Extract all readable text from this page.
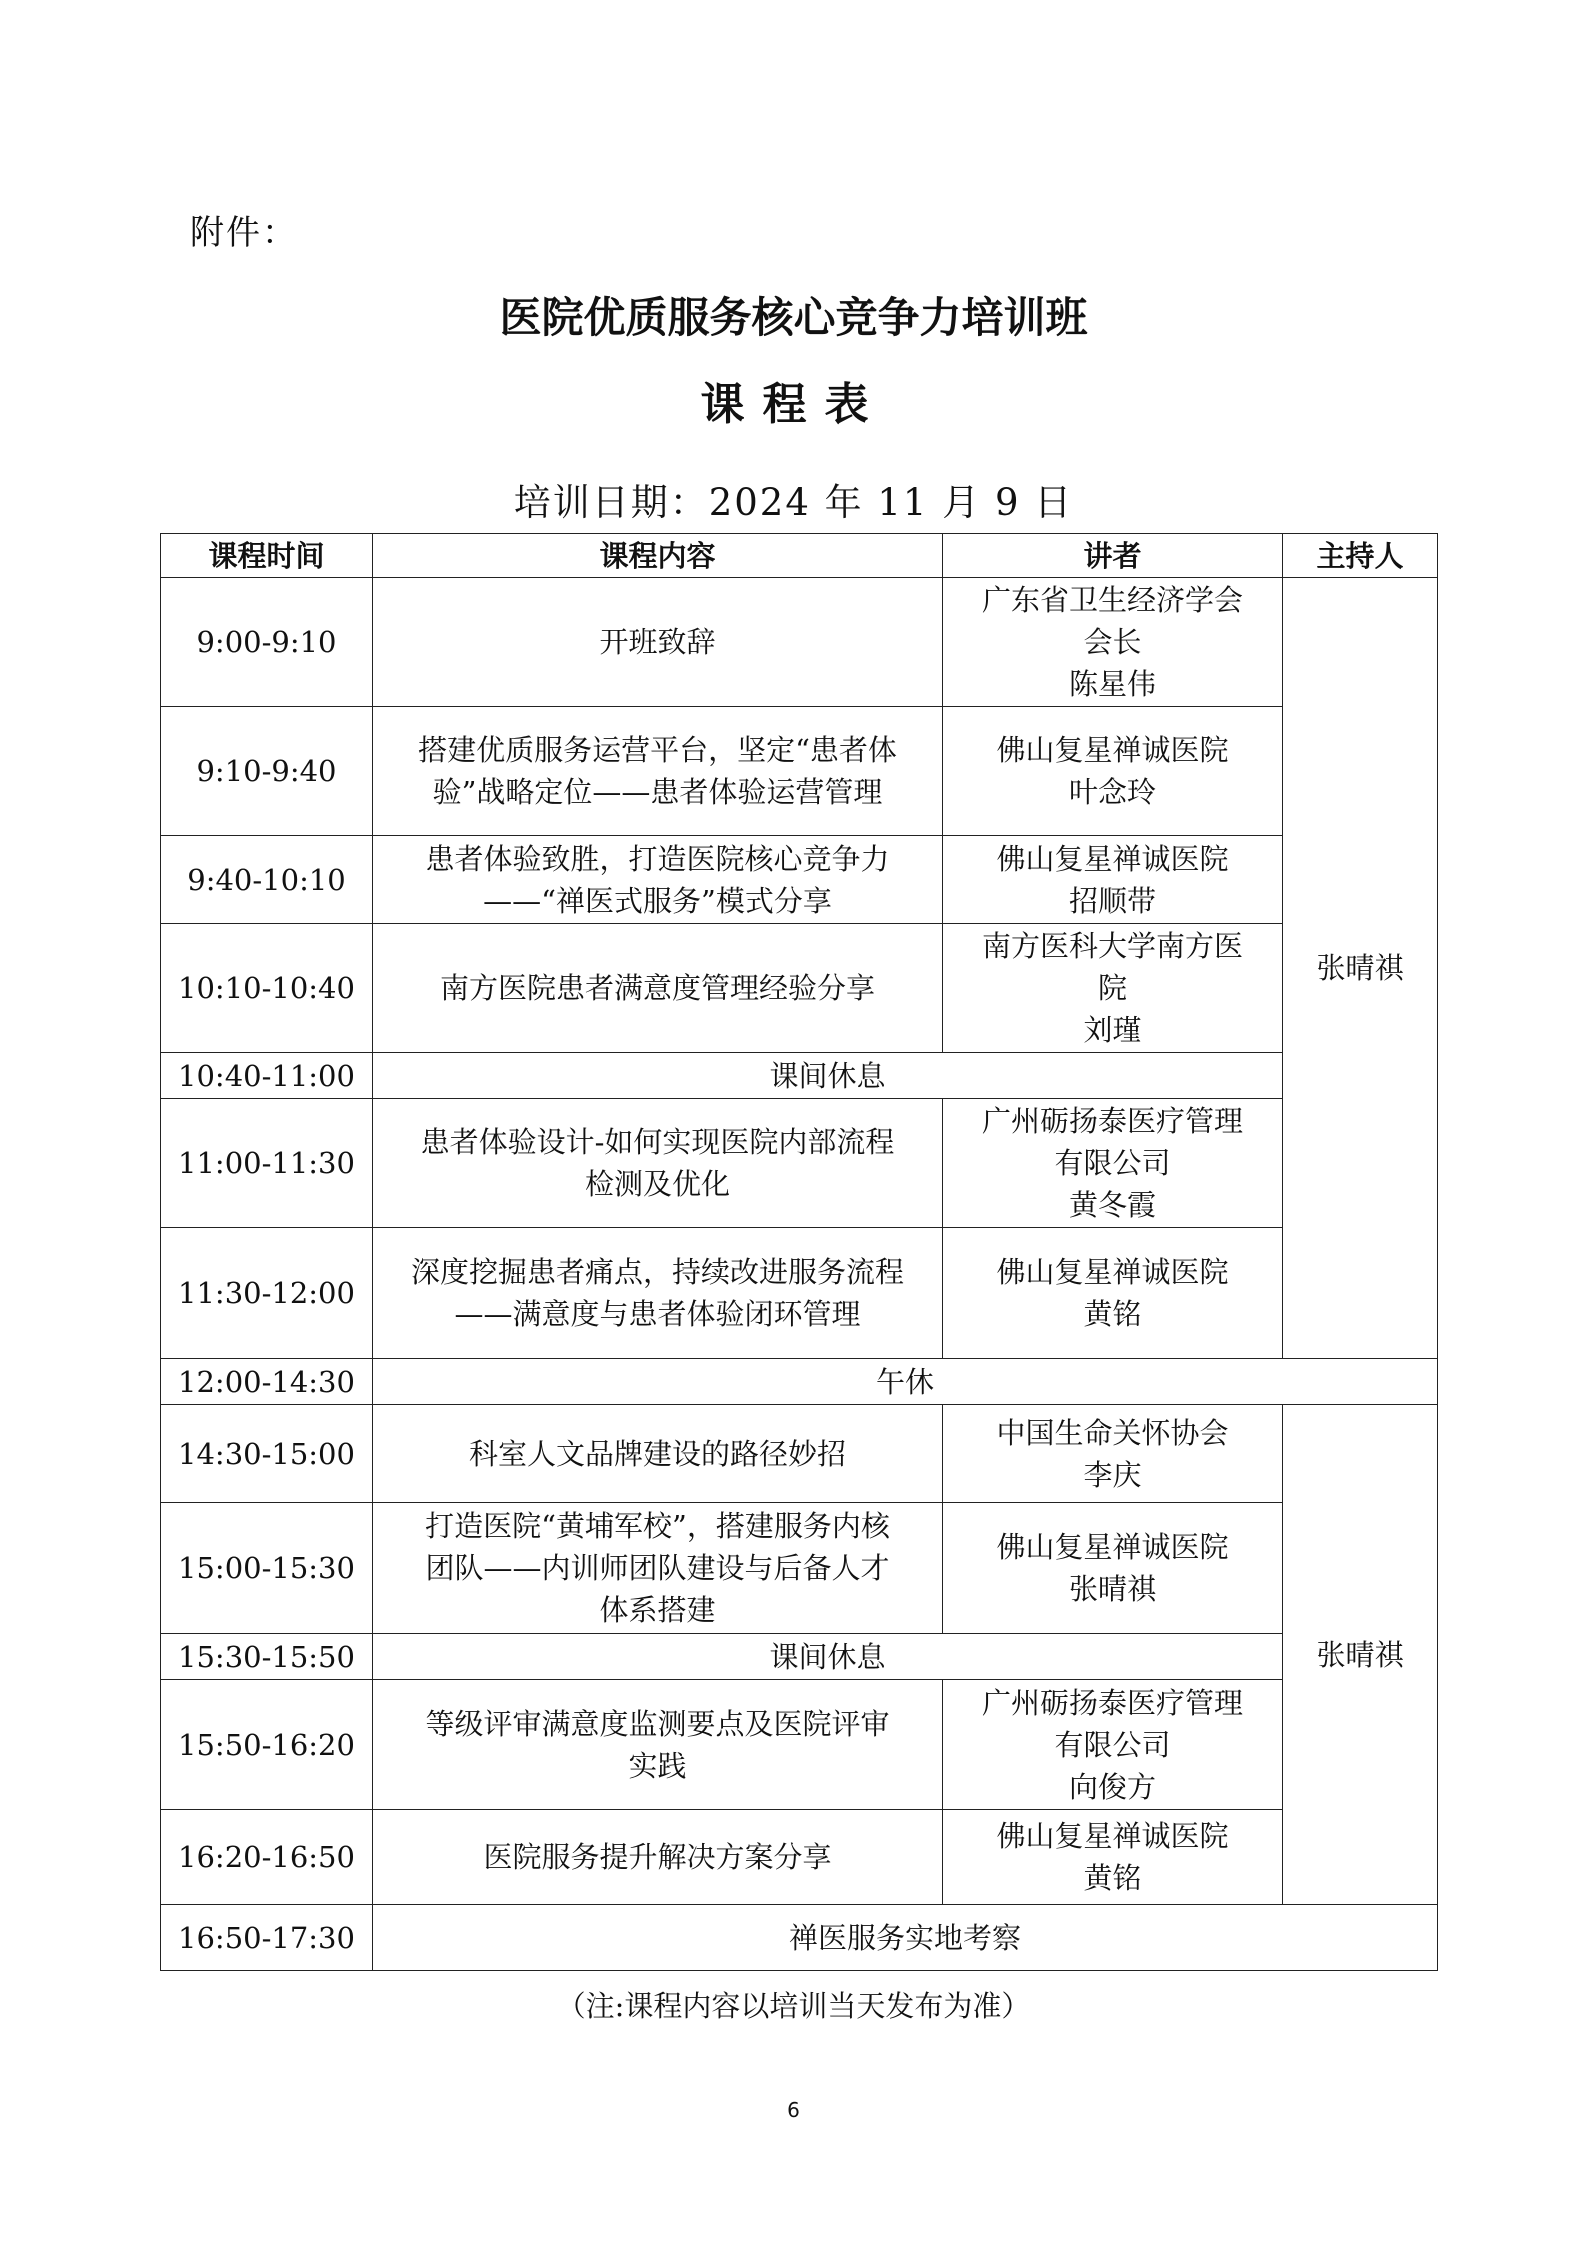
附件：
医院优质服务核心竞争力培训班
课程表
培训日期：2024 年 11 月 9 日
课程时间	课程内容	讲者	主持人
9:00-9:10	开班致辞	广东省卫生经济学会
会长
陈星伟	张晴祺
9:10-9:40	搭建优质服务运营平台，坚定“患者体
验”战略定位——患者体验运营管理	佛山复星禅诚医院
叶念玲	

9:40-10:10	患者体验致胜，打造医院核心竞争力
——“禅医式服务”模式分享	佛山复星禅诚医院
招顺带	

10:10-10:40	南方医院患者满意度管理经验分享	南方医科大学南方医
院
刘瑾	

10:40-11:00	课间休息		
11:00-11:30	患者体验设计-如何实现医院内部流程
检测及优化	广州砺扬泰医疗管理
有限公司
黄冬霞	

11:30-12:00	深度挖掘患者痛点，持续改进服务流程
——满意度与患者体验闭环管理	佛山复星禅诚医院
黄铭	

12:00-14:30	午休		
14:30-15:00	科室人文品牌建设的路径妙招	中国生命关怀协会
李庆	张晴祺
15:00-15:30	打造医院“黄埔军校”，搭建服务内核
团队——内训师团队建设与后备人才
体系搭建	佛山复星禅诚医院
张晴祺	

15:30-15:50	课间休息		
15:50-16:20	等级评审满意度监测要点及医院评审
实践	广州砺扬泰医疗管理
有限公司
向俊方	

16:20-16:50	医院服务提升解决方案分享	佛山复星禅诚医院
黄铭	

16:50-17:30	禅医服务实地考察		
（注:课程内容以培训当天发布为准）
6
